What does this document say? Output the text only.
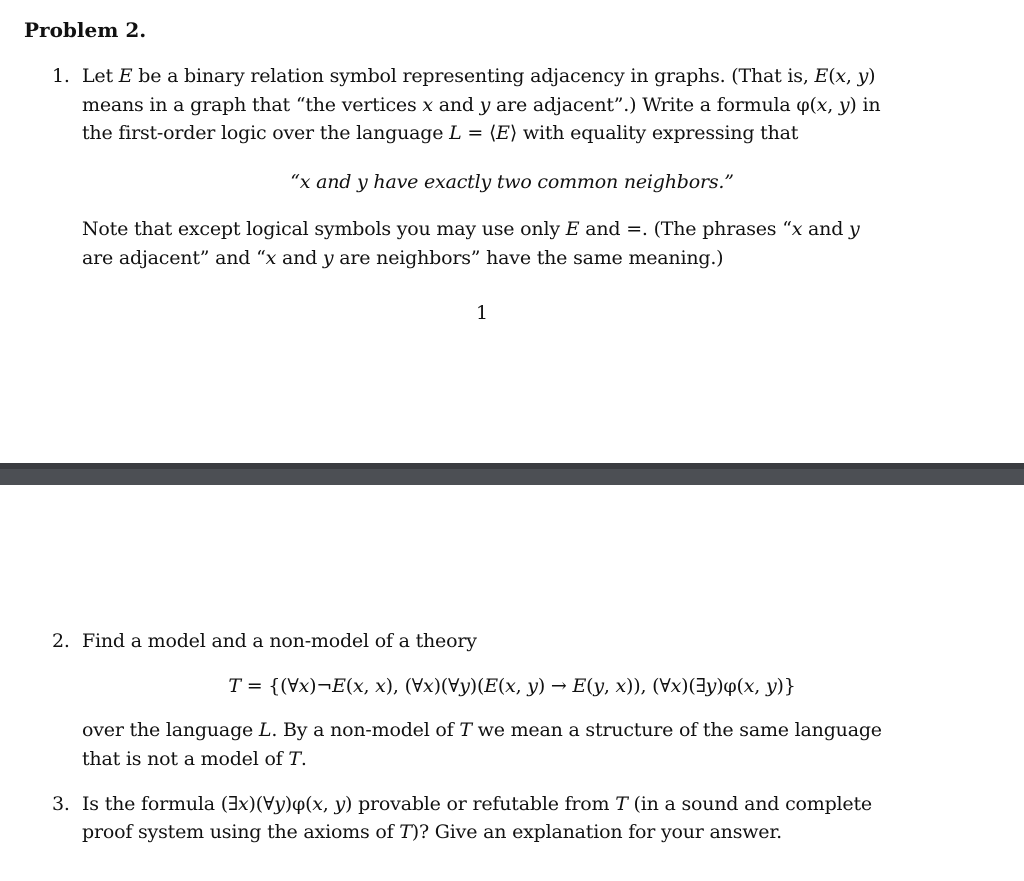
Problem 2.
1. Let 𝐸 be a binary relation symbol representing adjacency in graphs. (That is, 𝐸(𝑥, 𝑦)
means in a graph that “the vertices 𝑥 and 𝑦 are adjacent”.) Write a formula φ(𝑥, 𝑦) in
the first-order logic over the language 𝐿 = ⟨𝐸⟩ with equality expressing that
“𝑥 and 𝑦 have exactly two common neighbors.”
Note that except logical symbols you may use only 𝐸 and =. (The phrases “𝑥 and 𝑦
are adjacent” and “𝑥 and 𝑦 are neighbors” have the same meaning.)
1
2. Find a model and a non-model of a theory
𝑇 = {(∀𝑥)¬𝐸(𝑥, 𝑥), (∀𝑥)(∀𝑦)(𝐸(𝑥, 𝑦) → 𝐸(𝑦, 𝑥)), (∀𝑥)(∃𝑦)φ(𝑥, 𝑦)}
over the language 𝐿. By a non-model of 𝑇 we mean a structure of the same language
that is not a model of 𝑇.
3. Is the formula (∃𝑥)(∀𝑦)φ(𝑥, 𝑦) provable or refutable from 𝑇 (in a sound and complete
proof system using the axioms of 𝑇)? Give an explanation for your answer.
